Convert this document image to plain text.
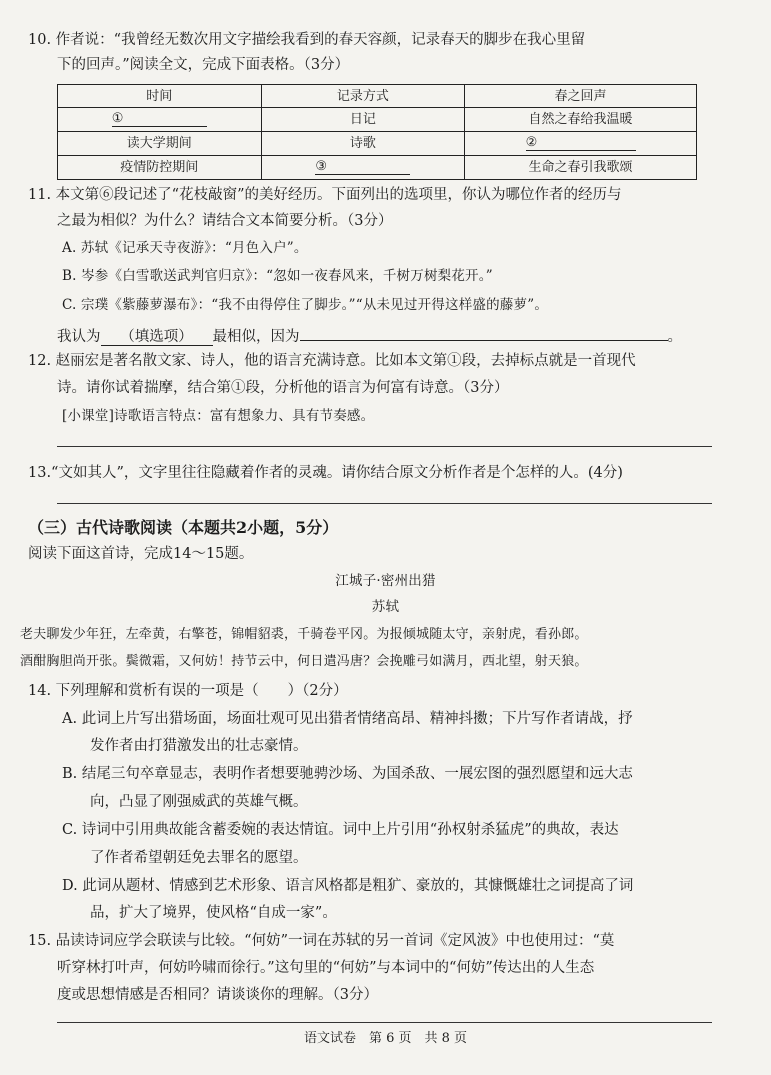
10. 作者说：“我曾经无数次用文字描绘我看到的春天容颜，记录春天的脚步在我心里留
下的回声。”阅读全文，完成下面表格。（3分）
时间	记录方式	春之回声
①	日记	自然之春给我温暖
读大学期间	诗歌	②
疫情防控期间	③	生命之春引我歌颂
11. 本文第⑥段记述了“花枝敲窗”的美好经历。下面列出的选项里，你认为哪位作者的经历与
之最为相似？为什么？请结合文本简要分析。（3分）
A. 苏轼《记承天寺夜游》：“月色入户”。
B. 岑参《白雪歌送武判官归京》：“忽如一夜春风来，千树万树梨花开。”
C. 宗璞《紫藤萝瀑布》：“我不由得停住了脚步。”“从未见过开得这样盛的藤萝”。
我认为 （填选项） 最相似，因为	。
12. 赵丽宏是著名散文家、诗人，他的语言充满诗意。比如本文第①段，去掉标点就是一首现代
诗。请你试着揣摩，结合第①段，分析他的语言为何富有诗意。（3分）
[小课堂]诗歌语言特点：富有想象力、具有节奏感。
13.“文如其人”，文字里往往隐藏着作者的灵魂。请你结合原文分析作者是个怎样的人。(4分)
（三）古代诗歌阅读（本题共2小题，5分）
阅读下面这首诗，完成14～15题。
江城子·密州出猎
苏轼
老夫聊发少年狂，左牵黄，右擎苍，锦帽貂裘，千骑卷平冈。为报倾城随太守，亲射虎，看孙郎。
酒酣胸胆尚开张。鬓微霜，又何妨！持节云中，何日遣冯唐？会挽雕弓如满月，西北望，射天狼。
14. 下列理解和赏析有误的一项是（　　）（2分）
A. 此词上片写出猎场面，场面壮观可见出猎者情绪高昂、精神抖擞；下片写作者请战，抒
发作者由打猎激发出的壮志豪情。
B. 结尾三句卒章显志，表明作者想要驰骋沙场、为国杀敌、一展宏图的强烈愿望和远大志
向，凸显了刚强威武的英雄气概。
C. 诗词中引用典故能含蓄委婉的表达情谊。词中上片引用“孙权射杀猛虎”的典故，表达
了作者希望朝廷免去罪名的愿望。
D. 此词从题材、情感到艺术形象、语言风格都是粗犷、豪放的，其慷慨雄壮之词提高了词
品，扩大了境界，使风格“自成一家”。
15. 品读诗词应学会联读与比较。“何妨”一词在苏轼的另一首词《定风波》中也使用过：“莫
听穿林打叶声，何妨吟啸而徐行。”这句里的“何妨”与本词中的“何妨”传达出的人生态
度或思想情感是否相同？请谈谈你的理解。（3分）
语文试卷　第 6 页　共 8 页
